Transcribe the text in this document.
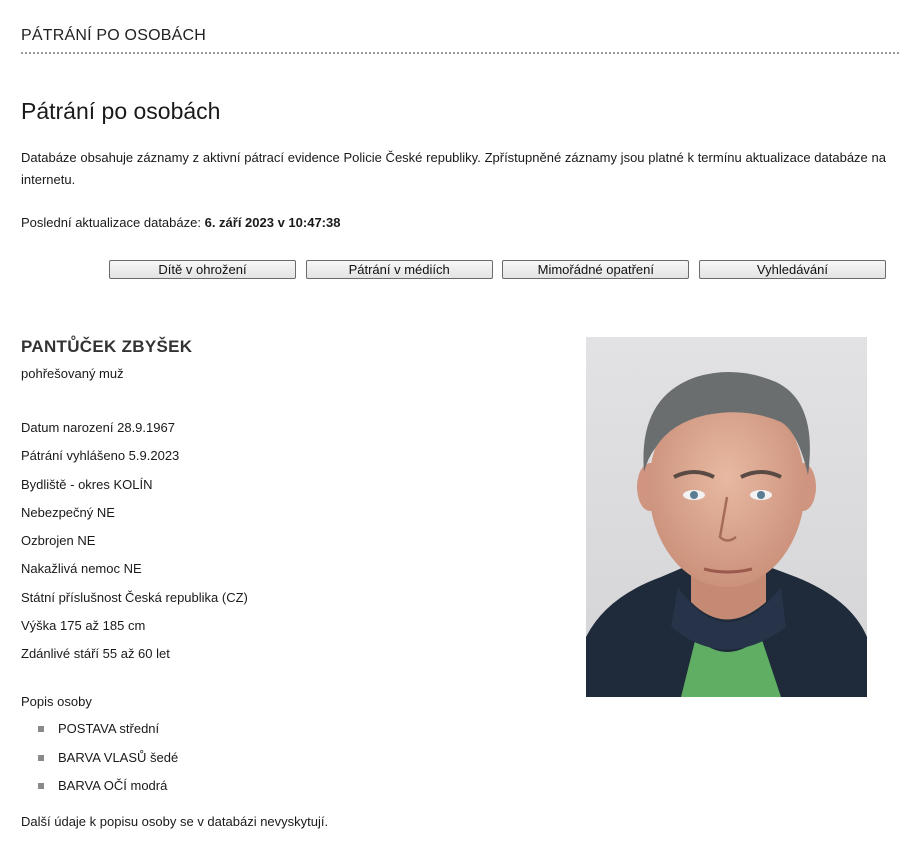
PÁTRÁNÍ PO OSOBÁCH
Pátrání po osobách

Databáze obsahuje záznamy z aktivní pátrací evidence Policie České republiky. Zpřístupněné záznamy jsou platné k termínu aktualizace databáze na internetu.

Poslední aktualizace databáze: 6. září 2023 v 10:47:38
Dítě v ohrožení	Pátrání v médiích	Mimořádné opatření	Vyhledávání
PANTŮČEK ZBYŠEK
pohřešovaný muž
Datum narození 28.9.1967
Pátrání vyhlášeno 5.9.2023
Bydliště - okres KOLÍN
Nebezpečný NE
Ozbrojen NE
Nakažlivá nemoc NE
Státní příslušnost Česká republika (CZ)
Výška 175 až 185 cm
Zdánlivé stáří 55 až 60 let
Popis osoby
POSTAVA střední
BARVA VLASŮ šedé
BARVA OČÍ modrá
Další údaje k popisu osoby se v databázi nevyskytují.
